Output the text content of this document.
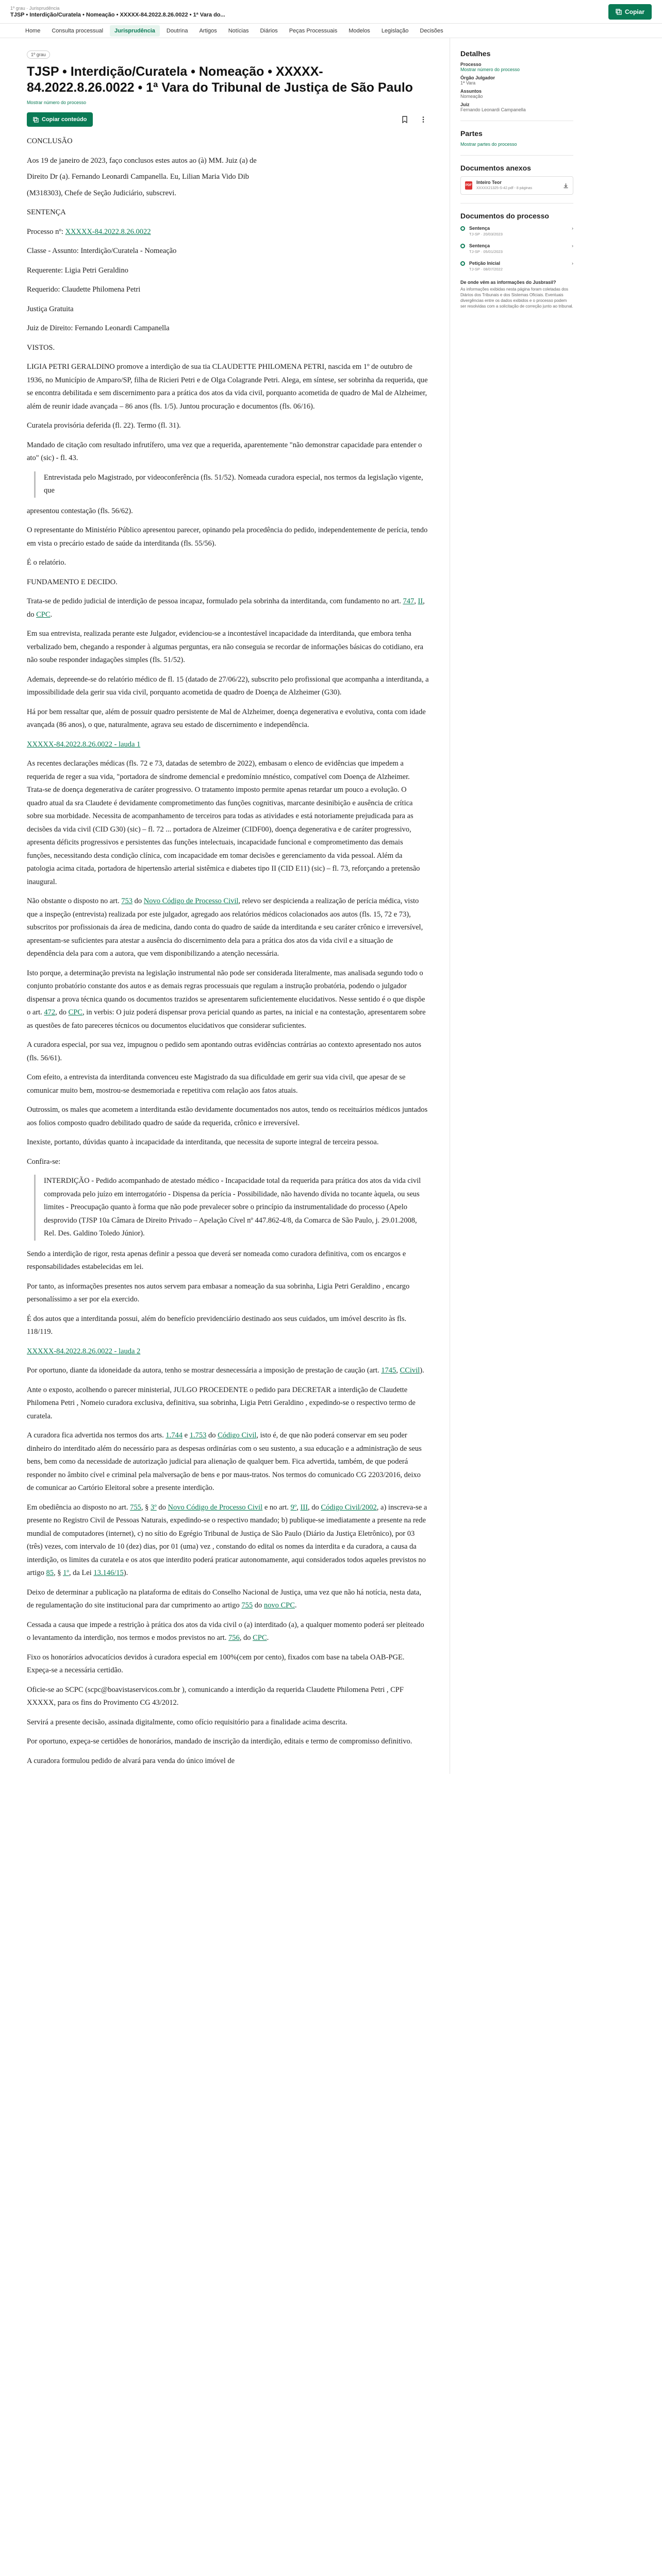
1º grau · Jurisprudência
TJSP • Interdição/Curatela • Nomeação • XXXXX-84.2022.8.26.0022 • 1ª Vara do...	Copiar
Home	Consulta processual	Jurisprudência	Doutrina	Artigos	Notícias	Diários	Peças Processuais	Modelos	Legislação	Decisões
1º grau
TJSP • Interdição/Curatela • Nomeação • XXXXX-84.2022.8.26.0022 • 1ª Vara do Tribunal de Justiça de São Paulo
Mostrar número do processo
Copiar conteúdo

CONCLUSÃO

Aos 19 de janeiro de 2023, faço conclusos estes autos ao (à) MM. Juiz (a) de

Direito Dr (a). Fernando Leonardi Campanella. Eu, Lilian Maria Vido Dib

(M318303), Chefe de Seção Judiciário, subscrevi.

SENTENÇA

Processo nº: XXXXX-84.2022.8.26.0022

Classe - Assunto: Interdição/Curatela - Nomeação

Requerente: Ligia Petri Geraldino

Requerido: Claudette Philomena Petri

Justiça Gratuita

Juiz de Direito: Fernando Leonardi Campanella

VISTOS.

LIGIA PETRI GERALDINO promove a interdição de sua tia CLAUDETTE PHILOMENA PETRI, nascida em 1º de outubro de 1936, no Município de Amparo/SP, filha de Ricieri Petri e de Olga Colagrande Petri. Alega, em síntese, ser sobrinha da requerida, que se encontra debilitada e sem discernimento para a prática dos atos da vida civil, porquanto acometida de quadro de Mal de Alzheimer, além de reunir idade avançada – 86 anos (fls. 1/5). Juntou procuração e documentos (fls. 06/16).

Curatela provisória deferida (fl. 22). Termo (fl. 31).

Mandado de citação com resultado infrutífero, uma vez que a requerida, aparentemente "não demonstrar capacidade para entender o ato" (sic) - fl. 43.

Entrevistada pelo Magistrado, por videoconferência (fls. 51/52). Nomeada curadora especial, nos termos da legislação vigente, que

apresentou contestação (fls. 56/62).

O representante do Ministério Público apresentou parecer, opinando pela procedência do pedido, independentemente de perícia, tendo em vista o precário estado de saúde da interditanda (fls. 55/56).

É o relatório.

FUNDAMENTO E DECIDO.

Trata-se de pedido judicial de interdição de pessoa incapaz, formulado pela sobrinha da interditanda, com fundamento no art. 747, II, do CPC.

Em sua entrevista, realizada perante este Julgador, evidenciou-se a incontestável incapacidade da interditanda, que embora tenha verbalizado bem, chegando a responder à algumas perguntas, era não conseguia se recordar de informações básicas do cotidiano, era não soube responder indagações simples (fls. 51/52).

Ademais, depreende-se do relatório médico de fl. 15 (datado de 27/06/22), subscrito pelo profissional que acompanha a interditanda, a impossibilidade dela gerir sua vida civil, porquanto acometida de quadro de Doença de Alzheimer (G30).

Há por bem ressaltar que, além de possuir quadro persistente de Mal de Alzheimer, doença degenerativa e evolutiva, conta com idade avançada (86 anos), o que, naturalmente, agrava seu estado de discernimento e independência.

XXXXX-84.2022.8.26.0022 - lauda 1

As recentes declarações médicas (fls. 72 e 73, datadas de setembro de 2022), embasam o elenco de evidências que impedem a requerida de reger a sua vida, "portadora de síndrome demencial e predomínio mnéstico, compatível com Doença de Alzheimer. Trata-se de doença degenerativa de caráter progressivo. O tratamento imposto permite apenas retardar um pouco a evolução. O quadro atual da sra Claudete é devidamente comprometimento das funções cognitivas, marcante desinibição e ausência de crítica sobre sua morbidade. Necessita de acompanhamento de terceiros para todas as atividades e está notoriamente prejudicada para as decisões da vida civil (CID G30) (sic) – fl. 72 ... portadora de Alzeimer (CIDF00), doença degenerativa e de caráter progressivo, apresenta déficits progressivos e persistentes das funções intelectuais, incapacidade funcional e comprometimento das demais funções, necessitando desta condição clínica, com incapacidade em tomar decisões e gerenciamento da vida pessoal. Além da patologia acima citada, portadora de hipertensão arterial sistêmica e diabetes tipo II (CID E11) (sic) – fl. 73, reforçando a pretensão inaugural.

Não obstante o disposto no art. 753 do Novo Código de Processo Civil, relevo ser despicienda a realização de perícia médica, visto que a inspeção (entrevista) realizada por este julgador, agregado aos relatórios médicos colacionados aos autos (fls. 15, 72 e 73), subscritos por profissionais da área de medicina, dando conta do quadro de saúde da interditanda e seu caráter crônico e irreversível, apresentam-se suficientes para atestar a ausência do discernimento dela para a prática dos atos da vida civil e a situação de dependência dela para com a autora, que vem disponibilizando a atenção necessária.

Isto porque, a determinação prevista na legislação instrumental não pode ser considerada literalmente, mas analisada segundo todo o conjunto probatório constante dos autos e as demais regras processuais que regulam a instrução probatória, podendo o julgador dispensar a prova técnica quando os documentos trazidos se apresentarem suficientemente elucidativos. Nesse sentido é o que dispõe o art. 472, do CPC, in verbis: O juiz poderá dispensar prova pericial quando as partes, na inicial e na contestação, apresentarem sobre as questões de fato pareceres técnicos ou documentos elucidativos que considerar suficientes.

A curadora especial, por sua vez, impugnou o pedido sem apontando outras evidências contrárias ao contexto apresentado nos autos (fls. 56/61).

Com efeito, a entrevista da interditanda convenceu este Magistrado da sua dificuldade em gerir sua vida civil, que apesar de se comunicar muito bem, mostrou-se desmemoriada e repetitiva com relação aos fatos atuais.

Outrossim, os males que acometem a interditanda estão devidamente documentados nos autos, tendo os receituários médicos juntados aos folios composto quadro debilitado quadro de saúde da requerida, crônico e irreversível.

Inexiste, portanto, dúvidas quanto à incapacidade da interditanda, que necessita de suporte integral de terceira pessoa.

Confira-se:

INTERDIÇÃO - Pedido acompanhado de atestado médico - Incapacidade total da requerida para prática dos atos da vida civil comprovada pelo juízo em interrogatório - Dispensa da perícia - Possibilidade, não havendo dívida no tocante àquela, ou seus limites - Preocupação quanto à forma que não pode prevalecer sobre o princípio da instrumentalidade do processo (Apelo desprovido (TJSP 10a Câmara de Direito Privado – Apelação Cível nº 447.862-4/8, da Comarca de São Paulo, j. 29.01.2008, Rel. Des. Galdino Toledo Júnior).

Sendo a interdição de rigor, resta apenas definir a pessoa que deverá ser nomeada como curadora definitiva, com os encargos e responsabilidades estabelecidas em lei.

Por tanto, as informações presentes nos autos servem para embasar a nomeação da sua sobrinha, Ligia Petri Geraldino , encargo personalíssimo a ser por ela exercido.

É dos autos que a interditanda possui, além do benefício previdenciário destinado aos seus cuidados, um imóvel descrito às fls. 118/119.

XXXXX-84.2022.8.26.0022 - lauda 2

Por oportuno, diante da idoneidade da autora, tenho se mostrar desnecessária a imposição de prestação de caução (art. 1745, CCivil).

Ante o exposto, acolhendo o parecer ministerial, JULGO PROCEDENTE o pedido para DECRETAR a interdição de Claudette Philomena Petri , Nomeio curadora exclusiva, definitiva, sua sobrinha, Ligia Petri Geraldino , expedindo-se o respectivo termo de curatela.

A curadora fica advertida nos termos dos arts. 1.744 e 1.753 do Código Civil, isto é, de que não poderá conservar em seu poder dinheiro do interditado além do necessário para as despesas ordinárias com o seu sustento, a sua educação e a administração de seus bens, bem como da necessidade de autorização judicial para alienação de qualquer bem. Fica advertida, também, de que poderá responder no âmbito cível e criminal pela malversação de bens e por maus-tratos. Nos termos do comunicado CG 2203/2016, deixo de comunicar ao Cartório Eleitoral sobre a presente interdição.

Em obediência ao disposto no art. 755, § 3º do Novo Código de Processo Civil e no art. 9º, III, do Código Civil/2002, a) inscreva-se a presente no Registro Civil de Pessoas Naturais, expedindo-se o respectivo mandado; b) publique-se imediatamente a presente na rede mundial de computadores (internet), c) no sítio do Egrégio Tribunal de Justiça de São Paulo (Diário da Justiça Eletrônico), por 03 (três) vezes, com intervalo de 10 (dez) dias, por 01 (uma) vez , constando do edital os nomes da interdita e da curadora, a causa da interdição, os limites da curatela e os atos que interdito poderá praticar autonomamente, aqui considerados todos aqueles previstos no artigo 85, § 1º, da Lei 13.146/15).

Deixo de determinar a publicação na plataforma de editais do Conselho Nacional de Justiça, uma vez que não há notícia, nesta data, de regulamentação do site institucional para dar cumprimento ao artigo 755 do novo CPC.

Cessada a causa que impede a restrição à prática dos atos da vida civil o (a) interditado (a), a qualquer momento poderá ser pleiteado o levantamento da interdição, nos termos e modos previstos no art. 756, do CPC.

Fixo os honorários advocatícios devidos à curadora especial em 100%(cem por cento), fixados com base na tabela OAB-PGE. Expeça-se a necessária certidão.

Oficie-se ao SCPC (scpc@boavistaservicos.com.br ), comunicando a interdição da requerida Claudette Philomena Petri , CPF XXXXX, para os fins do Provimento CG 43/2012.

Servirá a presente decisão, assinada digitalmente, como ofício requisitório para a finalidade acima descrita.

Por oportuno, expeça-se certidões de honorários, mandado de inscrição da interdição, editais e termo de compromisso definitivo.

A curadora formulou pedido de alvará para venda do único imóvel de

Detalhes
Processo
Mostrar número do processo
Órgão Julgador
1ª Vara
Assuntos
Nomeação
Juiz
Fernando Leonardi Campanella
Partes
Mostrar partes do processo
Documentos anexos
PDF
Inteiro Teor
XXXXX21325-S-42.pdf - 8 páginas
Documentos do processo
›
Sentença
TJ-SP · 20/03/2023
›
Sentença
TJ-SP · 05/01/2023
›
Petição Inicial
TJ-SP · 08/07/2022
De onde vêm as informações do Jusbrasil?
As informações exibidas nesta página foram coletadas dos Diários dos Tribunais e dos Sistemas Oficiais. Eventuais divergências entre os dados exibidos e o processo podem ser resolvidas com a solicitação de correção junto ao tribunal.
